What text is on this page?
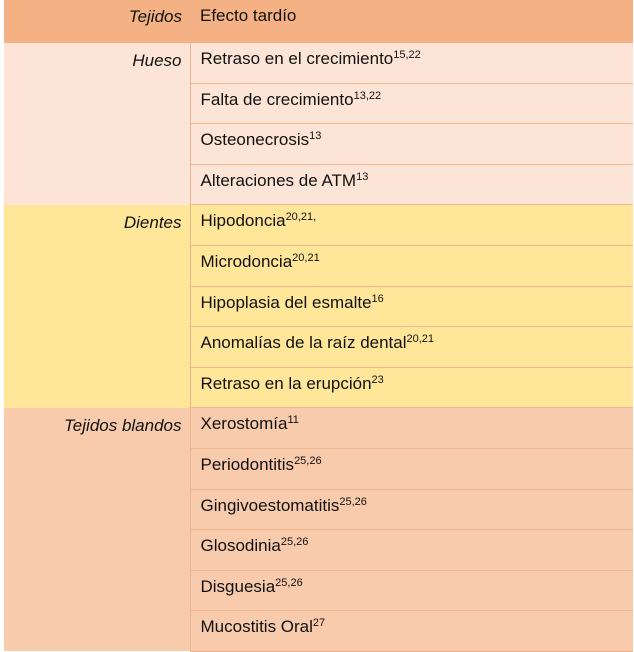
Tejidos	Efecto tardío
Hueso	Retraso en el crecimiento$^{15,22}$
	Falta de crecimiento$^{13,22}$
	Osteonecrosis$^{13}$
	Alteraciones de ATM$^{13}$
Dientes	Hipodoncia$^{20,21,}$
	Microdoncia$^{20,21}$
	Hipoplasia del esmalte$^{16}$
	Anomalías de la raíz dental$^{20,21}$
	Retraso en la erupción$^{23}$
Tejidos blandos	Xerostomía$^{11}$
	Periodontitis$^{25,26}$
	Gingivoestomatitis$^{25,26}$
	Glosodinia$^{25,26}$
	Disguesia$^{25,26}$
	Mucostitis Oral$^{27}$
